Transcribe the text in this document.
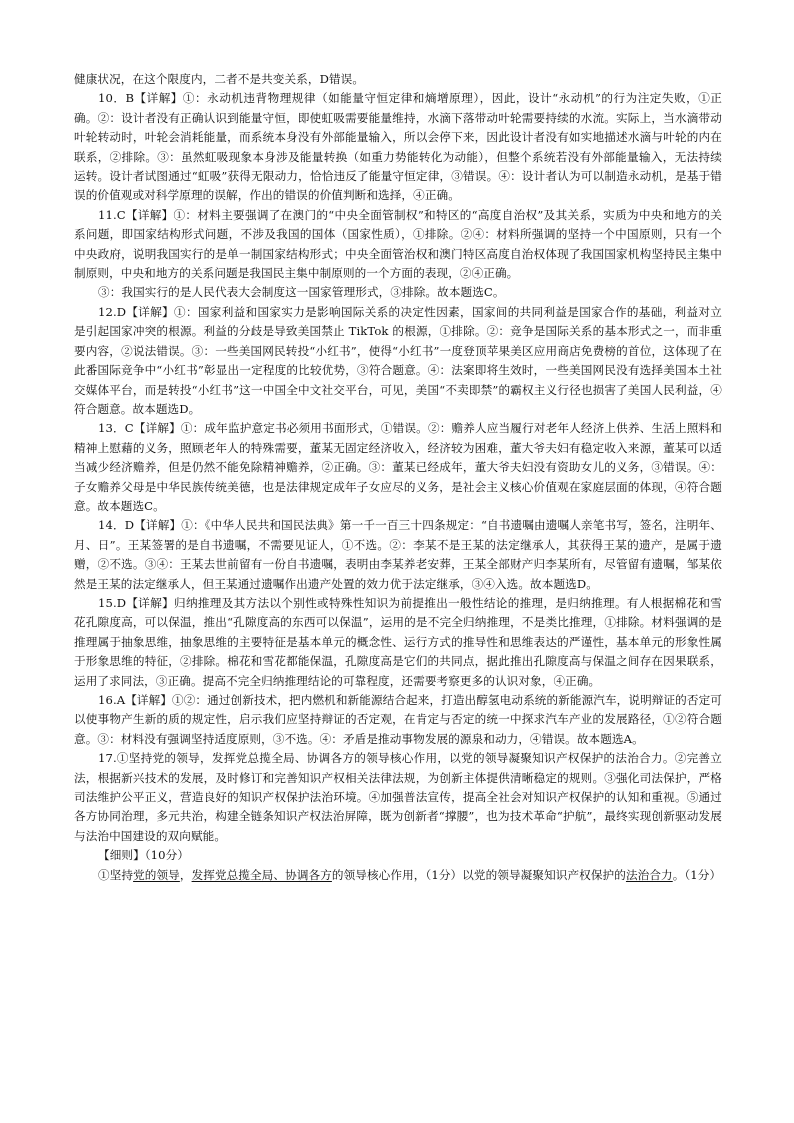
健康状况，在这个限度内，二者不是共变关系，D错误。

10．B【详解】①：永动机违背物理规律（如能量守恒定律和熵增原理），因此，设计“永动机”的行为注定失败，①正确。②：设计者没有正确认识到能量守恒，即使虹吸需要能量维持，水滴下落带动叶轮需要持续的水流。实际上，当水滴带动叶轮转动时，叶轮会消耗能量，而系统本身没有外部能量输入，所以会停下来，因此设计者没有如实地描述水滴与叶轮的内在联系，②排除。③：虽然虹吸现象本身涉及能量转换（如重力势能转化为动能），但整个系统若没有外部能量输入，无法持续运转。设计者试图通过“虹吸”获得无限动力，恰恰违反了能量守恒定律，③错误。④：设计者认为可以制造永动机，是基于错误的价值观或对科学原理的误解，作出的错误的价值判断和选择，④正确。

11.C【详解】①：材料主要强调了在澳门的“中央全面管制权”和特区的“高度自治权”及其关系，实质为中央和地方的关系问题，即国家结构形式问题，不涉及我国的国体（国家性质），①排除。②④：材料所强调的坚持一个中国原则，只有一个中央政府，说明我国实行的是单一制国家结构形式；中央全面管治权和澳门特区高度自治权体现了我国国家机构坚持民主集中制原则，中央和地方的关系问题是我国民主集中制原则的一个方面的表现，②④正确。

③：我国实行的是人民代表大会制度这一国家管理形式，③排除。故本题选C。

12.D【详解】①：国家利益和国家实力是影响国际关系的决定性因素，国家间的共同利益是国家合作的基础，利益对立是引起国家冲突的根源。利益的分歧是导致美国禁止 TikTok 的根源，①排除。②：竞争是国际关系的基本形式之一，而非重要内容，②说法错误。③：一些美国网民转投“小红书”，使得“小红书”一度登顶苹果美区应用商店免费榜的首位，这体现了在此番国际竞争中“小红书”彰显出一定程度的比较优势，③符合题意。④：法案即将生效时，一些美国网民没有选择美国本土社交媒体平台，而是转投“小红书”这一中国全中文社交平台，可见，美国“不卖即禁”的霸权主义行径也损害了美国人民利益，④符合题意。故本题选D。

13．C【详解】①：成年监护意定书必须用书面形式，①错误。②：赡养人应当履行对老年人经济上供养、生活上照料和精神上慰藉的义务，照顾老年人的特殊需要，董某无固定经济收入，经济较为困难，董大爷夫妇有稳定收入来源，董某可以适当减少经济赡养，但是仍然不能免除精神赡养，②正确。③：董某已经成年，董大爷夫妇没有资助女儿的义务，③错误。④：子女赡养父母是中华民族传统美德，也是法律规定成年子女应尽的义务，是社会主义核心价值观在家庭层面的体现，④符合题意。故本题选C。

14．D【详解】①：《中华人民共和国民法典》第一千一百三十四条规定：“自书遗嘱由遗嘱人亲笔书写，签名，注明年、月、日”。王某签署的是自书遗嘱，不需要见证人，①不选。②：李某不是王某的法定继承人，其获得王某的遗产，是属于遗赠，②不选。③④：王某去世前留有一份自书遗嘱，表明由李某养老安葬，王某全部财产归李某所有，尽管留有遗嘱，邹某依然是王某的法定继承人，但王某通过遗嘱作出遗产处置的效力优于法定继承，③④入选。故本题选D。

15.D【详解】归纳推理及其方法以个别性或特殊性知识为前提推出一般性结论的推理，是归纳推理。有人根据棉花和雪花孔隙度高，可以保温，推出“孔隙度高的东西可以保温”，运用的是不完全归纳推理，不是类比推理，①排除。材料强调的是推理属于抽象思维，抽象思维的主要特征是基本单元的概念性、运行方式的推导性和思维表达的严谨性，基本单元的形象性属于形象思维的特征，②排除。棉花和雪花都能保温，孔隙度高是它们的共同点，据此推出孔隙度高与保温之间存在因果联系，运用了求同法，③正确。提高不完全归纳推理结论的可靠程度，还需要考察更多的认识对象，④正确。

16.A【详解】①②：通过创新技术，把内燃机和新能源结合起来，打造出醇氢电动系统的新能源汽车，说明辩证的否定可以使事物产生新的质的规定性，启示我们应坚持辩证的否定观，在肯定与否定的统一中探求汽车产业的发展路径，①②符合题意。③：材料没有强调坚持适度原则，③不选。④：矛盾是推动事物发展的源泉和动力，④错误。故本题选A。

17.①坚持党的领导，发挥党总揽全局、协调各方的领导核心作用，以党的领导凝聚知识产权保护的法治合力。②完善立法，根据新兴技术的发展，及时修订和完善知识产权相关法律法规，为创新主体提供清晰稳定的规则。③强化司法保护，严格司法维护公平正义，营造良好的知识产权保护法治环境。④加强普法宣传，提高全社会对知识产权保护的认知和重视。⑤通过各方协同治理，多元共治，构建全链条知识产权法治屏障，既为创新者“撑腰”，也为技术革命“护航”，最终实现创新驱动发展与法治中国建设的双向赋能。

【细则】（10分）

①坚持党的领导，发挥党总揽全局、协调各方的领导核心作用，（1分）以党的领导凝聚知识产权保护的法治合力。（1分）
